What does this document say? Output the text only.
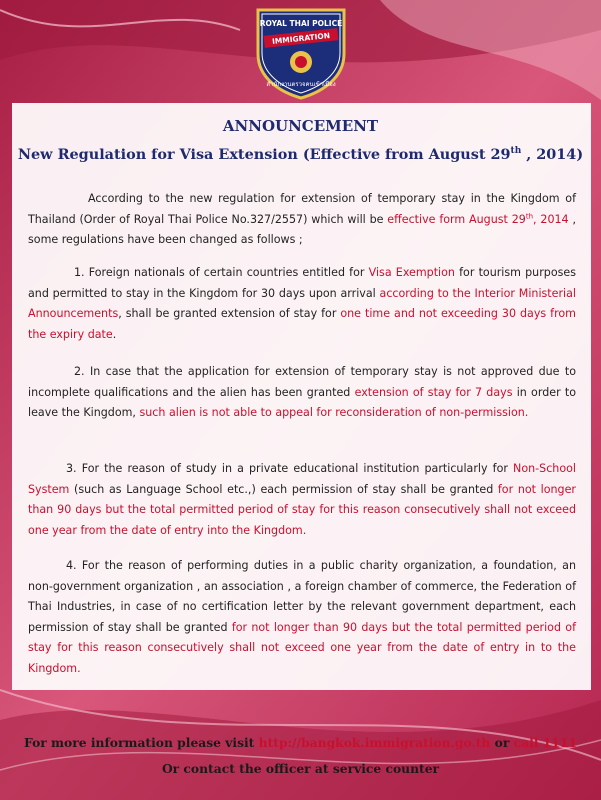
ROYAL THAI POLICE
IMMIGRATION
สำนักงานตรวจคนเข้าเมือง
ANNOUNCEMENT
New Regulation for Visa Extension (Effective from August 29th , 2014)
According to the new regulation for extension of temporary stay in the Kingdom of Thailand (Order of Royal Thai Police No.327/2557) which will be effective form August 29th, 2014 , some regulations have been changed as follows ;
1. Foreign nationals of certain countries entitled for Visa Exemption for tourism purposes and permitted to stay in the Kingdom for 30 days upon arrival according to the Interior Ministerial Announcements, shall be granted extension of stay for one time and not exceeding 30 days from the expiry date.
2. In case that the application for extension of temporary stay is not approved due to incomplete qualifications and the alien has been granted extension of stay for 7 days in order to leave the Kingdom, such alien is not able to appeal for reconsideration of non-permission.
3. For the reason of study in a private educational institution particularly for Non-School System (such as Language School etc.,) each permission of stay shall be granted for not longer than 90 days but the total permitted period of stay for this reason consecutively shall not exceed one year from the date of entry into the Kingdom.
4. For the reason of performing duties in a public charity organization, a foundation, an non-government organization , an association , a foreign chamber of commerce, the Federation of Thai Industries, in case of no certification letter by the relevant government department, each permission of stay shall be granted for not longer than 90 days but the total permitted period of stay for this reason consecutively shall not exceed one year from the date of entry in to the Kingdom.
For more information please visit http://bangkok.immigration.go.th or call 1111
Or contact the officer at service counter
